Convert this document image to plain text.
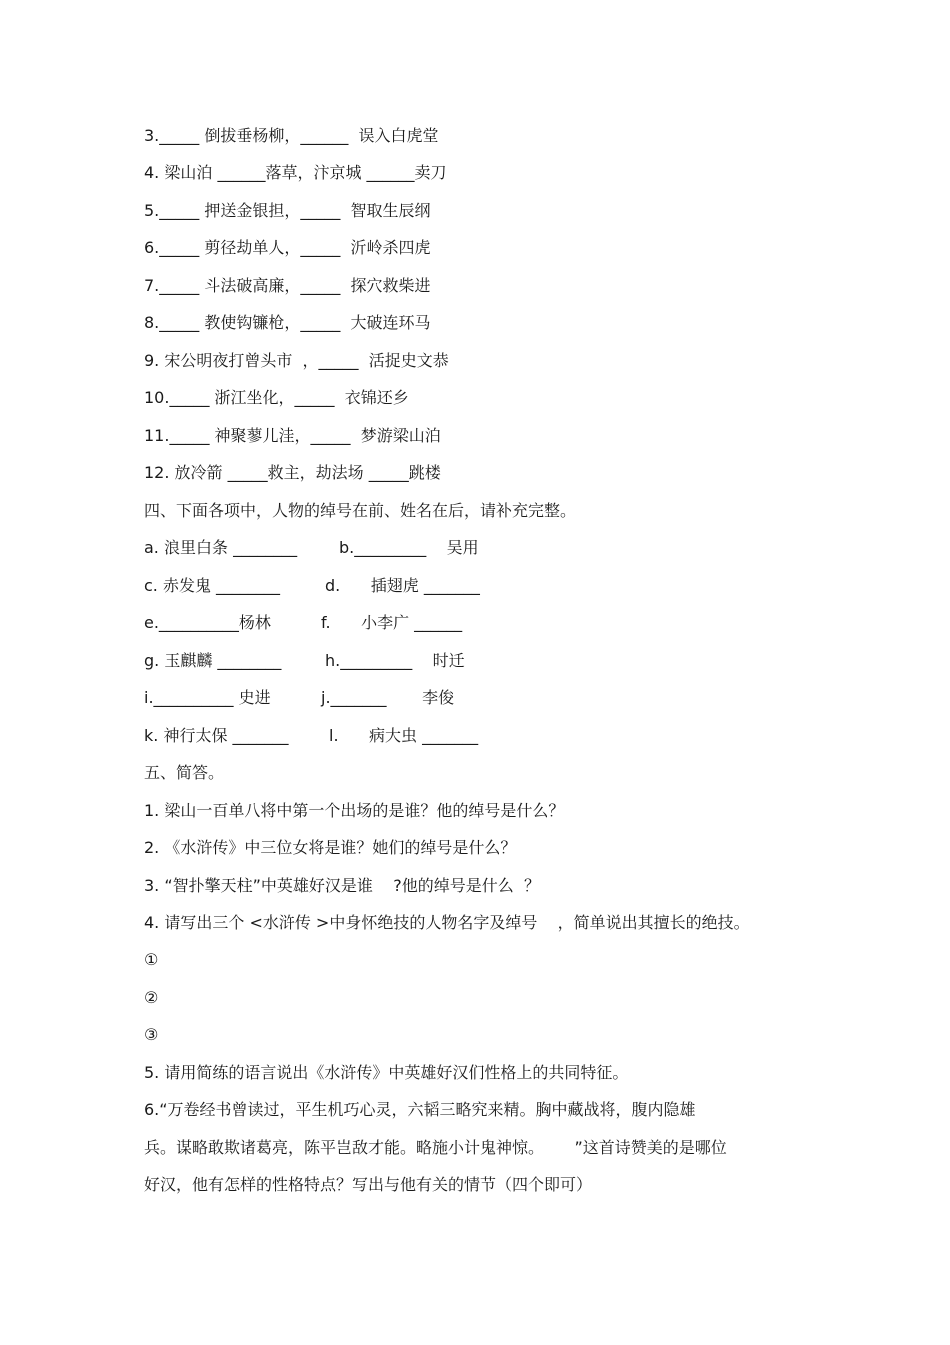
3._____ 倒拔垂杨柳，______  误入白虎堂
4. 梁山泊 ______落草，汴京城 ______卖刀
5._____ 押送金银担，_____  智取生辰纲
6._____ 剪径劫单人，_____  沂岭杀四虎
7._____ 斗法破高廉，_____  探穴救柴进
8._____ 教使钩镰枪，_____  大破连环马
9. 宋公明夜打曾头市  ，_____  活捉史文恭
10._____ 浙江坐化，_____  衣锦还乡
11._____ 神聚蓼儿洼，_____  梦游梁山泊
12. 放冷箭 _____救主，劫法场 _____跳楼
四、下面各项中，人物的绰号在前、姓名在后，请补充完整。
a. 浪里白条 ________	b._________    吴用
c. 赤发鬼 ________	d.      插翅虎 _______
e.__________杨林	f.      小李广 ______
g. 玉麒麟 ________	h._________    时迁
i.__________ 史进	j._______       李俊
k. 神行太保 _______	l.      病大虫 _______
五、简答。
1. 梁山一百单八将中第一个出场的是谁？他的绰号是什么？
2. 《水浒传》中三位女将是谁？她们的绰号是什么？
3. “智扑擎天柱”中英雄好汉是谁    ?他的绰号是什么  ？
4. 请写出三个 <水浒传 >中身怀绝技的人物名字及绰号    ，简单说出其擅长的绝技。
①
②
③
5. 请用简练的语言说出《水浒传》中英雄好汉们性格上的共同特征。
6.“万卷经书曾读过，平生机巧心灵，六韬三略究来精。胸中藏战将，腹内隐雄
兵。谋略敢欺诸葛亮，陈平岂敌才能。略施小计鬼神惊。      ”这首诗赞美的是哪位
好汉，他有怎样的性格特点？写出与他有关的情节（四个即可）
